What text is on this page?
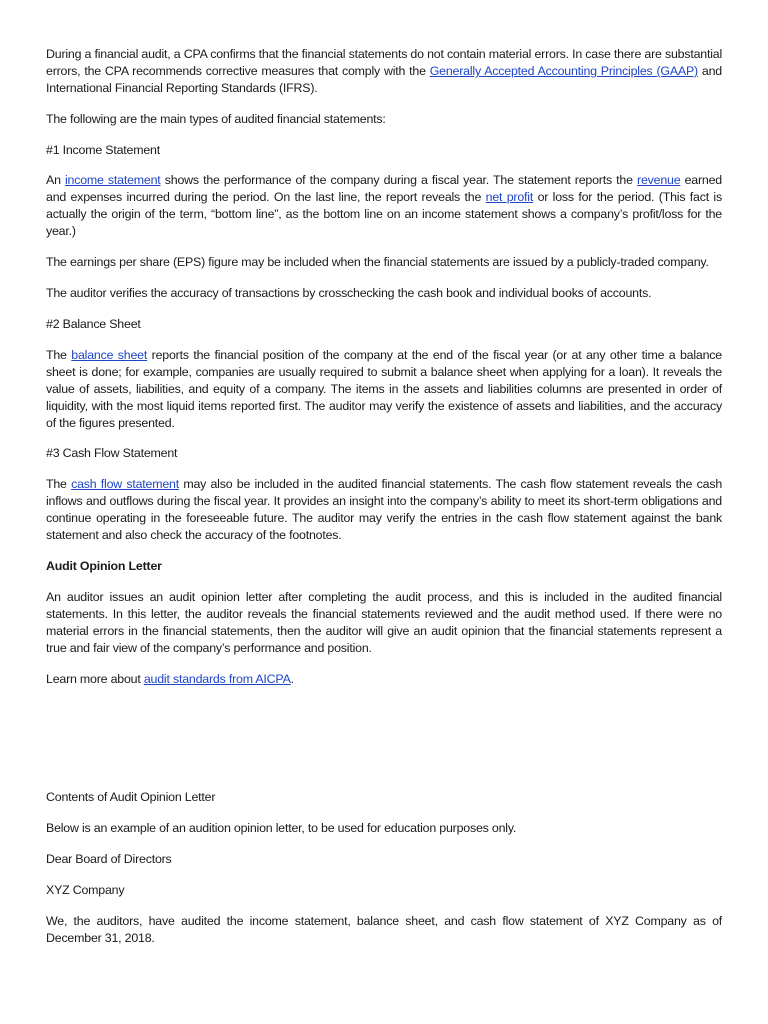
During a financial audit, a CPA confirms that the financial statements do not contain material errors. In case there are substantial errors, the CPA recommends corrective measures that comply with the Generally Accepted Accounting Principles (GAAP) and International Financial Reporting Standards (IFRS).

The following are the main types of audited financial statements:

#1 Income Statement

An income statement shows the performance of the company during a fiscal year. The statement reports the revenue earned and expenses incurred during the period. On the last line, the report reveals the net profit or loss for the period. (This fact is actually the origin of the term, “bottom line”, as the bottom line on an income statement shows a company’s profit/loss for the year.)

The earnings per share (EPS) figure may be included when the financial statements are issued by a publicly-traded company.

The auditor verifies the accuracy of transactions by crosschecking the cash book and individual books of accounts.

#2 Balance Sheet

The balance sheet reports the financial position of the company at the end of the fiscal year (or at any other time a balance sheet is done; for example, companies are usually required to submit a balance sheet when applying for a loan). It reveals the value of assets, liabilities, and equity of a company. The items in the assets and liabilities columns are presented in order of liquidity, with the most liquid items reported first. The auditor may verify the existence of assets and liabilities, and the accuracy of the figures presented.

#3 Cash Flow Statement

The cash flow statement may also be included in the audited financial statements. The cash flow statement reveals the cash inflows and outflows during the fiscal year. It provides an insight into the company’s ability to meet its short-term obligations and continue operating in the foreseeable future. The auditor may verify the entries in the cash flow statement against the bank statement and also check the accuracy of the footnotes.

Audit Opinion Letter

An auditor issues an audit opinion letter after completing the audit process, and this is included in the audited financial statements. In this letter, the auditor reveals the financial statements reviewed and the audit method used. If there were no material errors in the financial statements, then the auditor will give an audit opinion that the financial statements represent a true and fair view of the company’s performance and position.

Learn more about audit standards from AICPA.

Contents of Audit Opinion Letter

Below is an example of an audition opinion letter, to be used for education purposes only.

Dear Board of Directors

XYZ Company

We, the auditors, have audited the income statement, balance sheet, and cash flow statement of XYZ Company as of December 31, 2018.
